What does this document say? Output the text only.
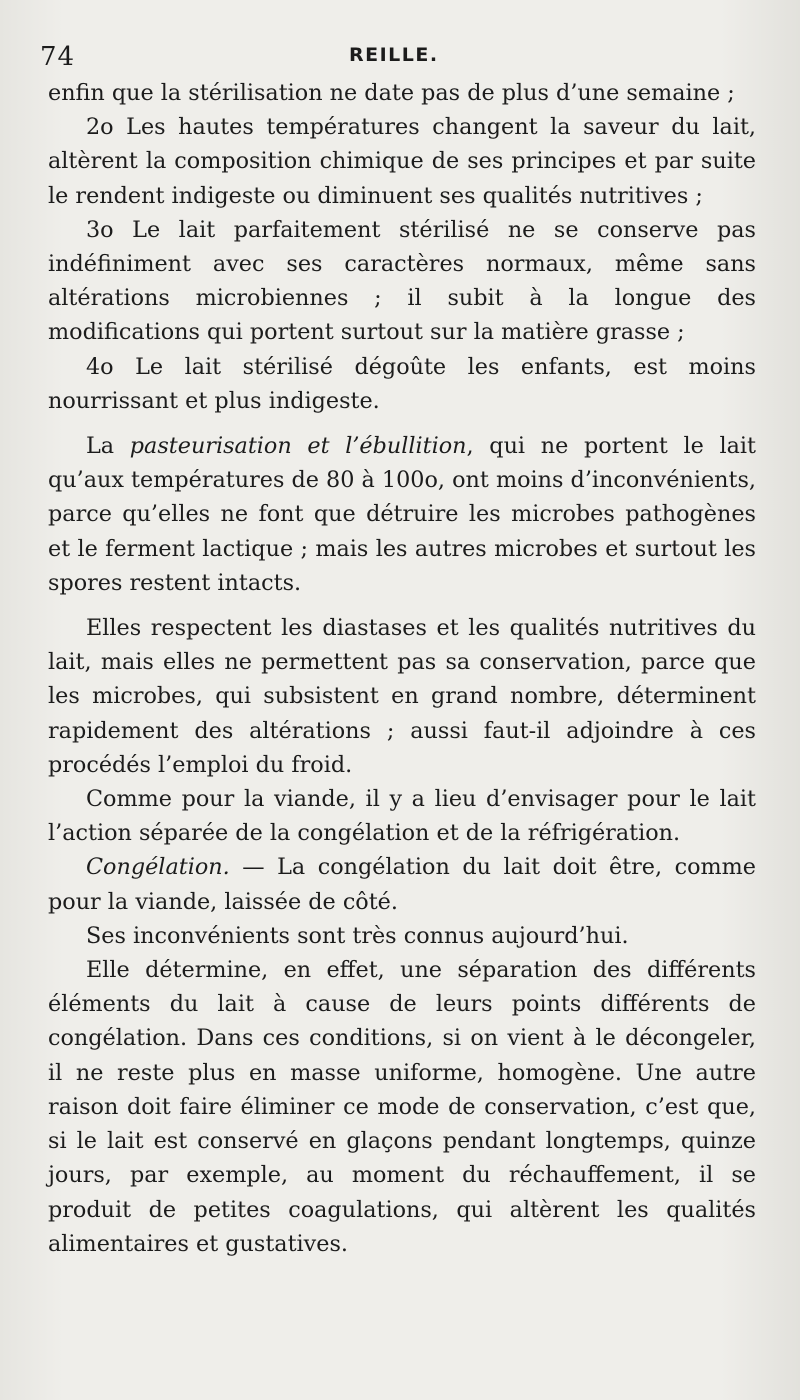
74	REILLE.

enfin que la stérilisation ne date pas de plus d’une semaine ;

2o Les hautes températures changent la saveur du lait, altèrent la composition chimique de ses principes et par suite le rendent indigeste ou diminuent ses qualités nutritives ;

3o Le lait parfaitement stérilisé ne se conserve pas indéfiniment avec ses caractères normaux, même sans altérations microbiennes ; il subit à la longue des modifications qui portent surtout sur la matière grasse ;

4o Le lait stérilisé dégoûte les enfants, est moins nourrissant et plus indigeste.

La pasteurisation et l’ébullition, qui ne portent le lait qu’aux températures de 80 à 100o, ont moins d’inconvénients, parce qu’elles ne font que détruire les microbes pathogènes et le ferment lactique ; mais les autres microbes et surtout les spores restent intacts.

Elles respectent les diastases et les qualités nutritives du lait, mais elles ne permettent pas sa conservation, parce que les microbes, qui subsistent en grand nombre, déterminent rapidement des altérations ; aussi faut-il adjoindre à ces procédés l’emploi du froid.

Comme pour la viande, il y a lieu d’envisager pour le lait l’action séparée de la congélation et de la réfrigération.

Congélation. — La congélation du lait doit être, comme pour la viande, laissée de côté.

Ses inconvénients sont très connus aujourd’hui.

Elle détermine, en effet, une séparation des différents éléments du lait à cause de leurs points différents de congélation. Dans ces conditions, si on vient à le décongeler, il ne reste plus en masse uniforme, homogène. Une autre raison doit faire éliminer ce mode de conservation, c’est que, si le lait est conservé en glaçons pendant longtemps, quinze jours, par exemple, au moment du réchauffement, il se produit de petites coagulations, qui altèrent les qualités alimentaires et gustatives.
